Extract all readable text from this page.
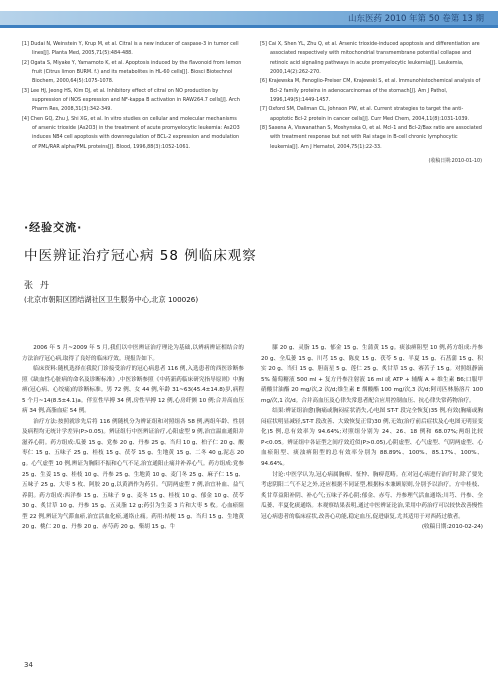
山东医药 2010 年第 50 卷第 13 期

[1] Dudai N, Weinstein Y, Krup M, et al. Citral is a new inducer of caspase-3 in tumor cell lines[J]. Planta Med, 2005,71(5):484-488.

[2] Ogata S, Miyake Y, Yamamoto K, et al. Apoptosis induced by the flavonoid from lemon fruit (Citrus limon BURM. f.) and its metabolites in HL-60 cells[J]. Biosci Biotechnol Biochem, 2000,64(5):1075-1078.

[3] Lee HJ, Jeong HS, Kim DJ, et al. Inhibitory effect of citral on NO production by suppression of iNOS expression and NF-kappa B activation in RAW264.7 cells[J]. Arch Pharm Res, 2008,31(3):342-349.

[4] Chen GQ, Zhu J, Shi XG, et al. In vitro studies on cellular and molecular mechanisms of arsenic trioxide (As2O3) in the treatment of acute promyelocytic leukemia: As2O3 induces NB4 cell apoptosis with downregulation of BCL-2 expression and modulation of PML/RAR alpha/PML proteins[J]. Blood, 1996,88(3):1052-1061.

[5] Cai X, Shen YL, Zhu Q, et al. Arsenic trioxide-induced apoptosis and differentiation are associated respectively with mitochondrial transmembrane potential collapse and retinoic acid signaling pathways in acute promyelocytic leukemia[J]. Leukemia, 2000,14(2):262-270.

[6] Krajewska M, Fenoglio-Preiser CM, Krajewski S, et al. Immunohistochemical analysis of Bcl-2 family proteins in adenocarcinomas of the stomach[J]. Am J Pathol, 1996,149(5):1449-1457.

[7] Oxford SM, Dallman CL, Johnson PW, et al. Current strategies to target the anti-apoptotic Bcl-2 protein in cancer cells[J]. Curr Med Chem, 2004,11(8):1031-1039.

[8] Saxena A, Viswanathan S, Moshynska O, et al. Mcl-1 and Bcl-2/Bax ratio are associated with treatment response but not with Rai stage in B-cell chronic lymphocytic leukemia[J]. Am J Hematol, 2004,75(1):22-33.

(收稿日期:2010-01-10)

·经验交流·
中医辨证治疗冠心病 58 例临床观察
张 丹
(北京市朝阳区团结湖社区卫生服务中心,北京 100026)

2006 年 5 月~2009 年 5 月,我们以中医辨证治疗理论为基础,以辨病辨证相结合的方法治疗冠心病,取得了良好的临床疗效。现报告如下。

临床资料:随机选择在我院门诊接受治疗的冠心病患者 116 例,入选患者的西医诊断参照《缺血性心脏病的命名及诊断标准》,中医诊断参照《中药新药临床研究指导原则》中胸痹(冠心病、心绞痛)的诊断标准。男 72 例、女 44 例,年龄 31~63(45.4±14.8)岁,病程 5 个月~14(8.5±4.1)a。伴室性早搏 34 例,房性早搏 12 例,心房纤颤 10 例;合并高血压病 34 例,高脂血症 54 例。

治疗方法:按照就诊先后将 116 例随机分为辨证组和对照组各 58 例,两组年龄、性别及病程均无统计学差异(P>0.05)。辨证组行中医辨证治疗,心阳虚型 9 例,治宜温血通阳并滋养心阴。药方组成:瓜蒌 15 g、党参 20 g、丹参 25 g、当归 10 g、柏子仁 20 g、酸枣仁 15 g、五味子 25 g、桂枝 15 g、茯苓 15 g、生地黄 15 g、二冬 40 g,泥志 20 g。心气虚型 10 例,辨证为胸阳不振和心气不足,治宜通阳止痛并补养心气。药方组成:党参 25 g、生姜 15 g、桂枝 10 g、丹参 25 g、生地黄 10 g、麦门冬 25 g、麻子仁 15 g、五味子 25 g、大枣 5 枚、阿胶 20 g,以黄酒作为药引。气阴两虚型 7 例,治宜补血、益气养阴。药方组成:西洋参 15 g、五味子 9 g、麦冬 15 g、桂枝 10 g、郁金 10 g、茯苓 30 g、炙甘草 10 g、丹参 15 g、五灵脂 12 g;药引为生姜 3 片和大枣 5 枚。心血瘀阻型 22 例,辨证为气滞血瘀,治宜活血化瘀,通络止痛。药用:桔梗 15 g、当归 15 g、生地黄 20 g、桃仁 20 g、丹参 20 g、赤芍药 20 g、柴胡 15 g、牛

膝 20 g、灵脂 15 g、郁金 15 g、生蒲黄 15 g。痰浊痹阻型 10 例,药方组成:丹参 20 g、全瓜蒌 15 g、川芎 15 g、陈皮 15 g、茯苓 5 g、半夏 15 g、石菖蒲 15 g、积实 20 g、当归 15 g、胆南星 5 g、莲仁 25 g、炙甘草 15 g、赛苦子 15 g。对照组静滴 5% 葡萄糖液 500 ml + 复方丹参注射液 16 ml 或 ATP + 辅酶 A + 维生素 B6;口服甲硝酸甘油酯 20 mg/次,2 次/d;维生素 E 烟酸酯 100 mg/次,3 次/d;阿司匹林肠溶片 100 mg/次,1 次/d。合并高血压及心律失常患者配合应用控制血压、抗心律失常药物治疗。

结果:辨证组治愈(胸痛或胸闷症状消失,心电图 ST-T 段完全恢复)35 例,有效(胸痛或胸闷症状明显减轻,ST-T 段改善、大致恢复正常)30 例,无效(治疗前后症状及心电图无明显变化)5 例,总有效率为 94.64%;对照组分别为 24、26、18 例和 68.07%;两组比较 P<0.05。辨证组中各证型之间疗效近似(P>0.05),心阴虚型、心气虚型、气阴两虚型、心血瘀阻型、痰浊痹阻型的总有效率分别为 88.89%、100%、85.17%、100%、94.64%。

讨论:中医学认为,冠心病属胸痹、怔忡、胸痹范畴。在对冠心病进行治疗时,除了要先考虑阴阳二气不足之外,还应根据不同证型,根据标本兼顾原则,分别予以治疗。方中桂枝、炙甘草益阳补阴、补心气;五味子养心阴;郁金、赤芍、丹参理气活血通络;川芎、丹参、全瓜蒌、半夏化痰通络。本观察结果表明,通过中医辨证论治,采用中药治疗可以较快改善慢性冠心病患者的临床症状,改善心功能,稳定血压,促进康复,尤其适用于对西药过敏者。

(收稿日期:2010-02-24)

34
